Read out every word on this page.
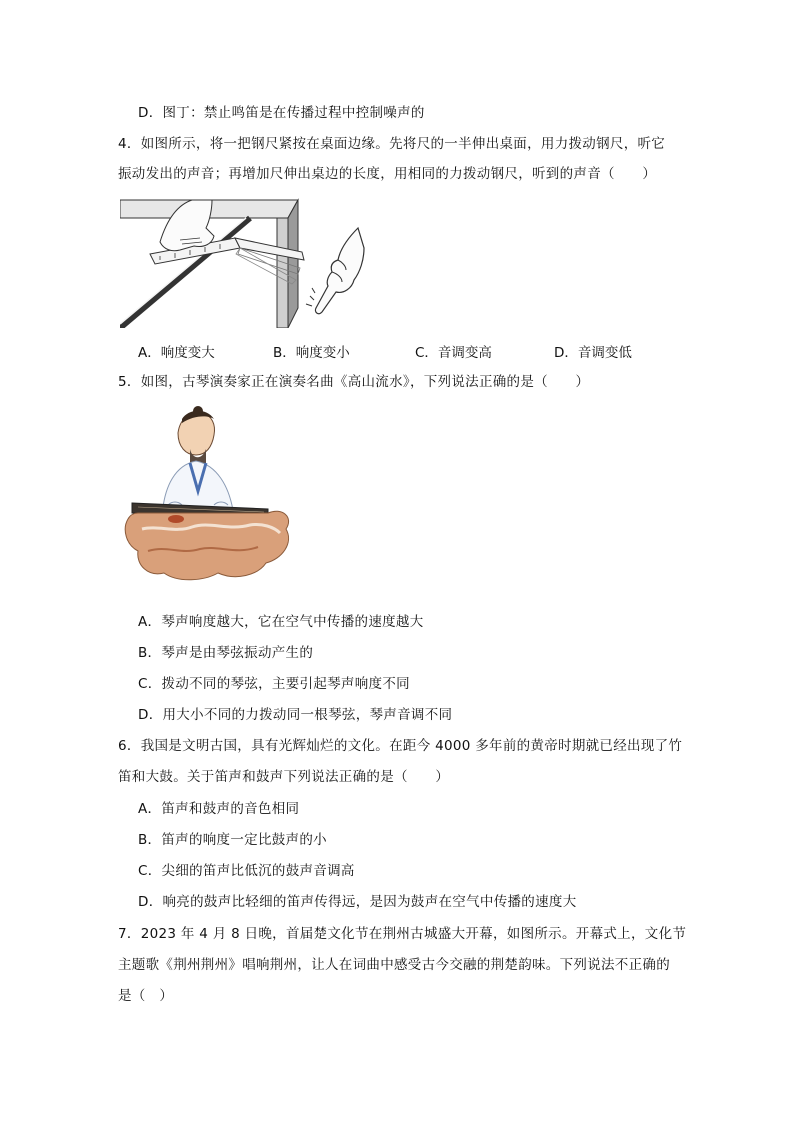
D．图丁：禁止鸣笛是在传播过程中控制噪声的
4．如图所示，将一把钢尺紧按在桌面边缘。先将尺的一半伸出桌面，用力拨动钢尺，听它
振动发出的声音；再增加尺伸出桌边的长度，用相同的力拨动钢尺，听到的声音（　　）
A．响度变大	B．响度变小	C．音调变高	D．音调变低
5．如图，古琴演奏家正在演奏名曲《高山流水》，下列说法正确的是（　　）
A．琴声响度越大，它在空气中传播的速度越大
B．琴声是由琴弦振动产生的
C．拨动不同的琴弦，主要引起琴声响度不同
D．用大小不同的力拨动同一根琴弦，琴声音调不同
6．我国是文明古国，具有光辉灿烂的文化。在距今 4000 多年前的黄帝时期就已经出现了竹
笛和大鼓。关于笛声和鼓声下列说法正确的是（　　）
A．笛声和鼓声的音色相同
B．笛声的响度一定比鼓声的小
C．尖细的笛声比低沉的鼓声音调高
D．响亮的鼓声比轻细的笛声传得远，是因为鼓声在空气中传播的速度大
7．2023 年 4 月 8 日晚，首届楚文化节在荆州古城盛大开幕，如图所示。开幕式上，文化节
主题歌《荆州荆州》唱响荆州，让人在词曲中感受古今交融的荆楚韵味。下列说法不正确的
是（　）
